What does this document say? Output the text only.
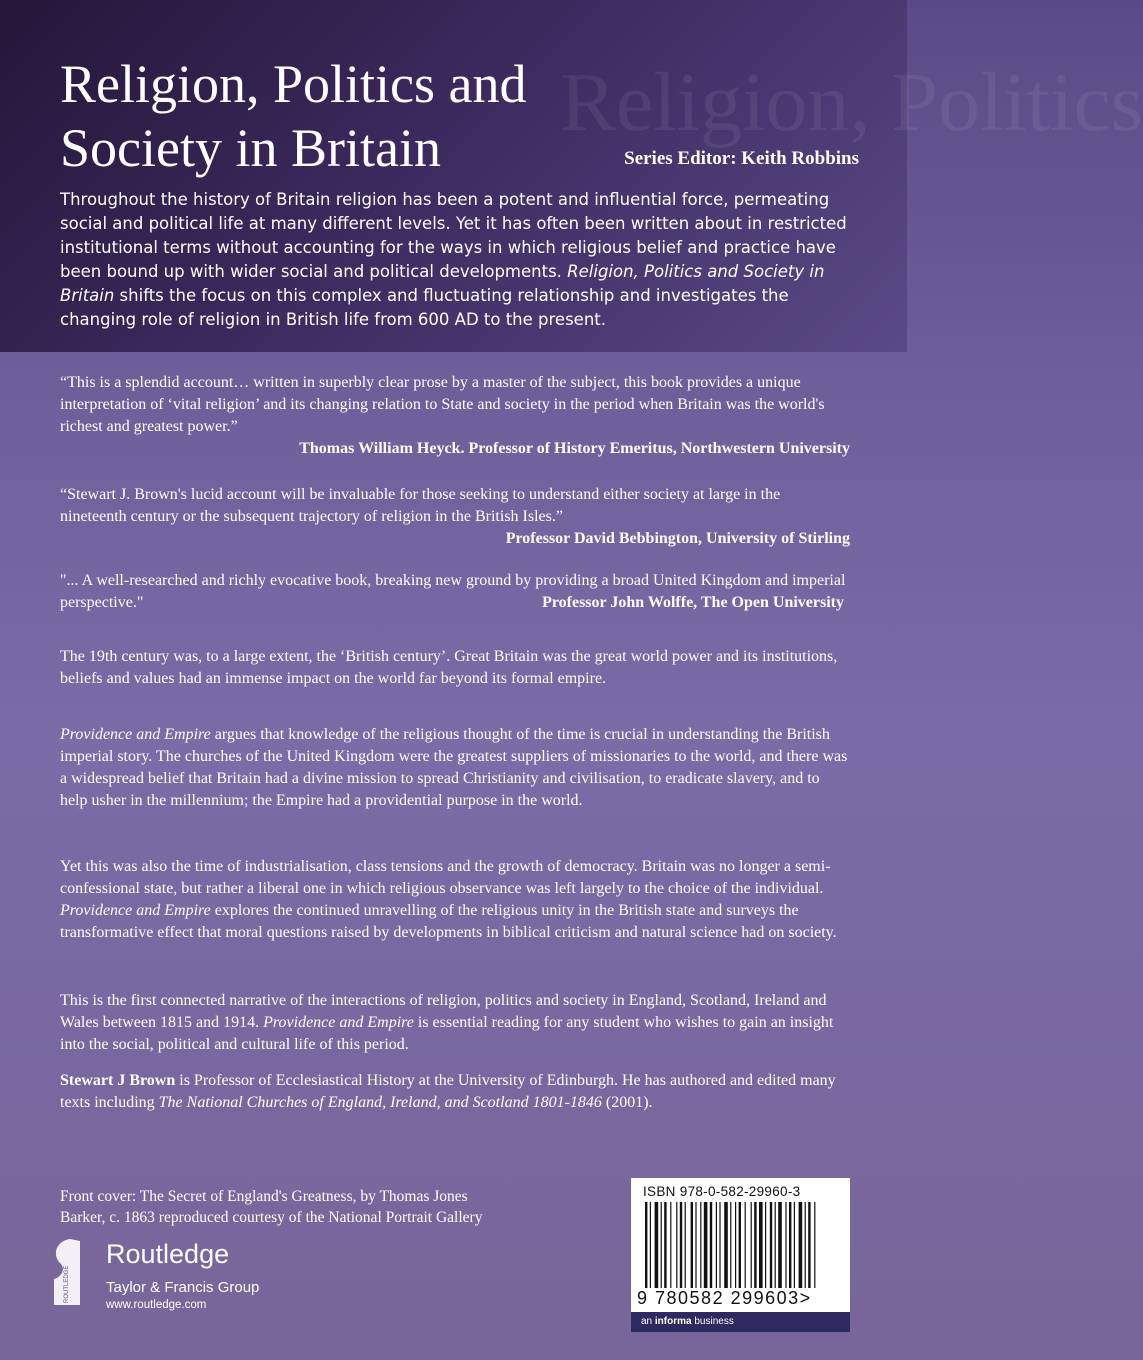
Religion, Politics
Religion, Politics and
Society in Britain	Series Editor: Keith Robbins

Throughout the history of Britain religion has been a potent and influential force, permeating social and political life at many different levels. Yet it has often been written about in restricted institutional terms without accounting for the ways in which religious belief and practice have been bound up with wider social and political developments. Religion, Politics and Society in Britain shifts the focus on this complex and fluctuating relationship and investigates the changing role of religion in British life from 600 AD to the present.

“This is a splendid account… written in superbly clear prose by a master of the subject, this book provides a unique interpretation of ‘vital religion’ and its changing relation to State and society in the period when Britain was the world's richest and greatest power.”
Thomas William Heyck. Professor of History Emeritus, Northwestern University
“Stewart J. Brown's lucid account will be invaluable for those seeking to understand either society at large in the nineteenth century or the subsequent trajectory of religion in the British Isles.”
Professor David Bebbington, University of Stirling
"... A well-researched and richly evocative book, breaking new ground by providing a broad United Kingdom and imperial perspective."	Professor John Wolffe, The Open University

The 19th century was, to a large extent, the ‘British century’. Great Britain was the great world power and its institutions, beliefs and values had an immense impact on the world far beyond its formal empire.

Providence and Empire argues that knowledge of the religious thought of the time is crucial in understanding the British imperial story. The churches of the United Kingdom were the greatest suppliers of missionaries to the world, and there was a widespread belief that Britain had a divine mission to spread Christianity and civilisation, to eradicate slavery, and to help usher in the millennium; the Empire had a providential purpose in the world.

Yet this was also the time of industrialisation, class tensions and the growth of democracy. Britain was no longer a semi-confessional state, but rather a liberal one in which religious observance was left largely to the choice of the individual. Providence and Empire explores the continued unravelling of the religious unity in the British state and surveys the transformative effect that moral questions raised by developments in biblical criticism and natural science had on society.

This is the first connected narrative of the interactions of religion, politics and society in England, Scotland, Ireland and Wales between 1815 and 1914. Providence and Empire is essential reading for any student who wishes to gain an insight into the social, political and cultural life of this period.

Stewart J Brown is Professor of Ecclesiastical History at the University of Edinburgh. He has authored and edited many texts including The National Churches of England, Ireland, and Scotland 1801-1846 (2001).

Front cover: The Secret of England's Greatness, by Thomas Jones Barker, c. 1863 reproduced courtesy of the National Portrait Gallery
ROUTLEDGE
Routledge
Taylor & Francis Group
www.routledge.com
ISBN 978-0-582-29960-3
9 780582 299603>
an informa business
